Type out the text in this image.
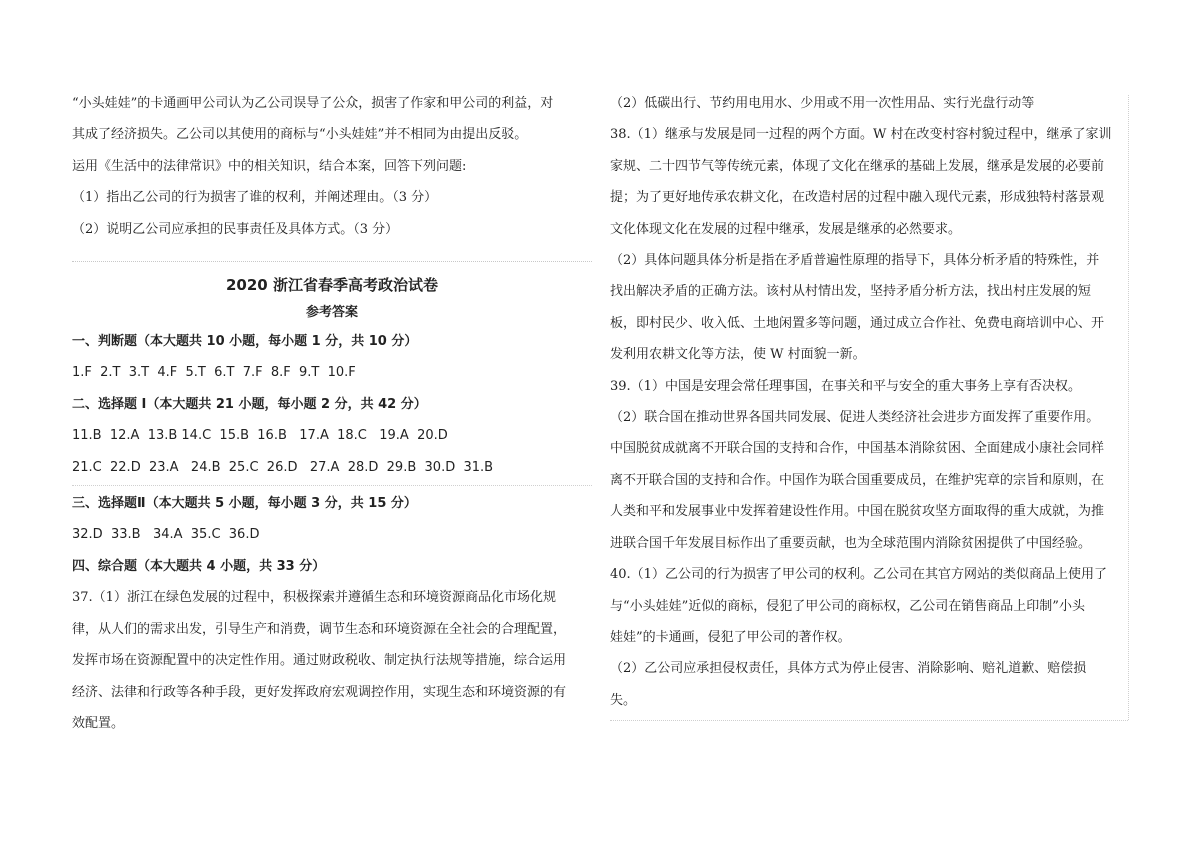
“小头娃娃”的卡通画甲公司认为乙公司误导了公众，损害了作家和甲公司的利益，对

其成了经济损失。乙公司以其使用的商标与“小头娃娃”并不相同为由提出反驳。

运用《生活中的法律常识》中的相关知识，结合本案，回答下列问题:

（1）指出乙公司的行为损害了谁的权利，并阐述理由。（3 分）

（2）说明乙公司应承担的民事责任及具体方式。（3 分）

2020 浙江省春季高考政治试卷
参考答案

一、判断题（本大题共 10 小题，每小题 1 分，共 10 分）

1.F  2.T  3.T  4.F  5.T  6.T  7.F  8.F  9.T  10.F

二、选择题 I（本大题共 21 小题，每小题 2 分，共 42 分）

11.B  12.A  13.B 14.C  15.B  16.B   17.A  18.C   19.A  20.D
21.C  22.D  23.A   24.B  25.C  26.D   27.A  28.D  29.B  30.D  31.B

三、选择题Ⅱ（本大题共 5 小题，每小题 3 分，共 15 分）

32.D  33.B   34.A  35.C  36.D

四、综合题（本大题共 4 小题，共 33 分）

37.（1）浙江在绿色发展的过程中，积极探索并遵循生态和环境资源商品化市场化规

律，从人们的需求出发，引导生产和消费，调节生态和环境资源在全社会的合理配置，

发挥市场在资源配置中的决定性作用。通过财政税收、制定执行法规等措施，综合运用

经济、法律和行政等各种手段，更好发挥政府宏观调控作用，实现生态和环境资源的有

效配置。

（2）低碳出行、节约用电用水、少用或不用一次性用品、实行光盘行动等

38.（1）继承与发展是同一过程的两个方面。W 村在改变村容村貌过程中，继承了家训

家规、二十四节气等传统元素，体现了文化在继承的基础上发展，继承是发展的必要前

提；为了更好地传承农耕文化，在改造村居的过程中融入现代元素，形成独特村落景观

文化体现文化在发展的过程中继承，发展是继承的必然要求。

（2）具体问题具体分析是指在矛盾普遍性原理的指导下，具体分析矛盾的特殊性，并

找出解决矛盾的正确方法。该村从村情出发，坚持矛盾分析方法，找出村庄发展的短

板，即村民少、收入低、土地闲置多等问题，通过成立合作社、免费电商培训中心、开

发利用农耕文化等方法，使 W 村面貌一新。

39.（1）中国是安理会常任理事国，在事关和平与安全的重大事务上享有否决权。

（2）联合国在推动世界各国共同发展、促进人类经济社会进步方面发挥了重要作用。

中国脱贫成就离不开联合国的支持和合作，中国基本消除贫困、全面建成小康社会同样

离不开联合国的支持和合作。中国作为联合国重要成员，在维护宪章的宗旨和原则，在

人类和平和发展事业中发挥着建设性作用。中国在脱贫攻坚方面取得的重大成就，为推

进联合国千年发展目标作出了重要贡献，也为全球范围内消除贫困提供了中国经验。

40.（1）乙公司的行为损害了甲公司的权利。乙公司在其官方网站的类似商品上使用了

与“小头娃娃”近似的商标，侵犯了甲公司的商标权，乙公司在销售商品上印制”小头

娃娃”的卡通画，侵犯了甲公司的著作权。

（2）乙公司应承担侵权责任，具体方式为停止侵害、消除影响、赔礼道歉、赔偿损

失。
